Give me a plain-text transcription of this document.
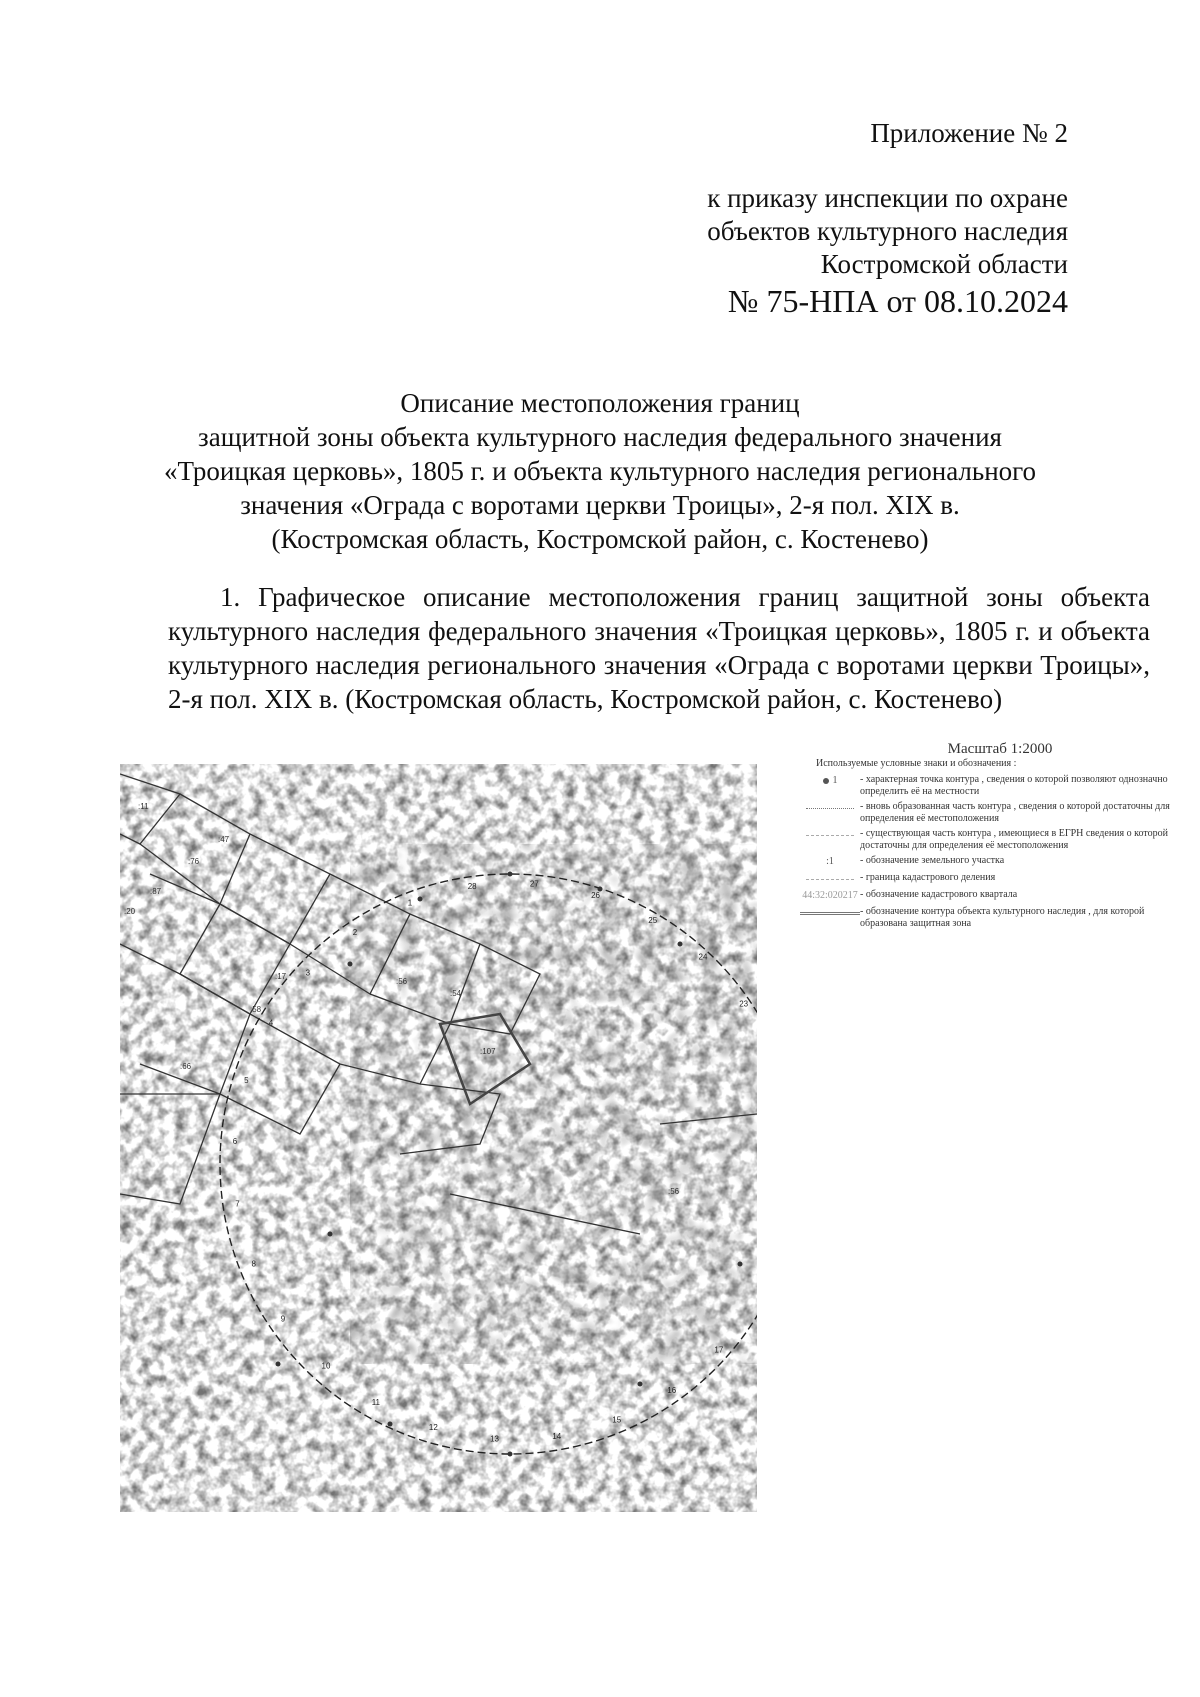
Приложение № 2
к приказу инспекции по охране
объектов культурного наследия
Костромской области
№ 75-НПА от 08.10.2024
Описание местоположения границ
защитной зоны объекта культурного наследия федерального значения
«Троицкая церковь», 1805 г. и объекта культурного наследия регионального
значения «Ограда с воротами церкви Троицы», 2-я пол. XIX в.
(Костромская область, Костромской район, с. Костенево)
1. Графическое описание местоположения границ защитной зоны объекта культурного наследия федерального значения «Троицкая церковь», 1805 г. и объекта культурного наследия регионального значения «Ограда с воротами церкви Троицы», 2-я пол. XIX в. (Костромская область, Костромской район, с. Костенево)
Масштаб 1:2000
Используемые условные знаки и обозначения :
1 - характерная точка контура , сведения о которой позволяют однозначно определить её на местности
- вновь образованная часть контура , сведения о которой достаточны для определения её местоположения
- существующая часть контура , имеющиеся в ЕГРН сведения о которой достаточны для определения её местоположения
:1	- обозначение земельного участка
- граница кадастрового деления
44:32:020217 - обозначение кадастрового квартала
- обозначение контура объекта культурного наследия , для которой образована защитная зона
1
2
3
4
5
6
7
8
9
10
11
12
13	14
15
16
17
23
24
25
26
27
28
:11
:76
:47
:87
:20
:56
:54
:58
:66
:107
:56
:17
